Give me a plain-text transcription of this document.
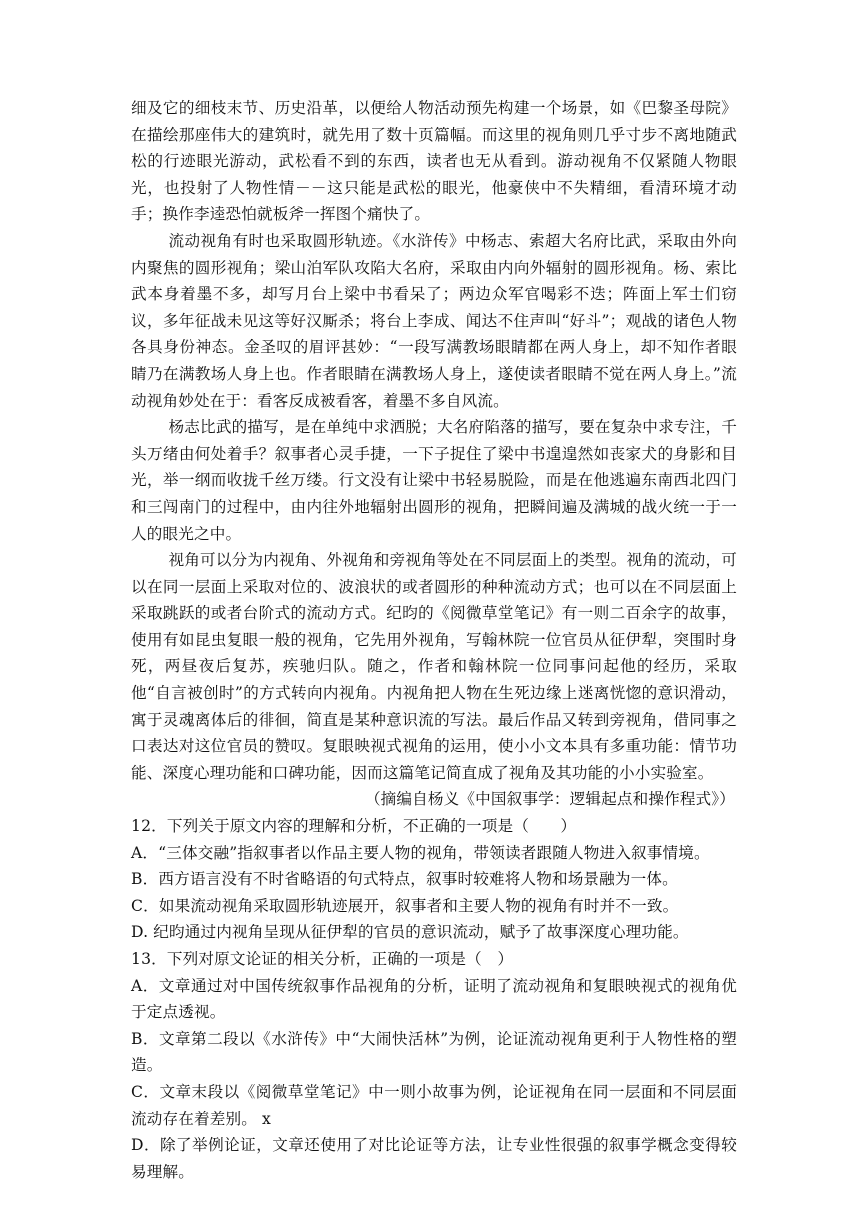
细及它的细枝末节、历史沿革，以便给人物活动预先构建一个场景，如《巴黎圣母院》在描绘那座伟大的建筑时，就先用了数十页篇幅。而这里的视角则几乎寸步不离地随武松的行迹眼光游动，武松看不到的东西，读者也无从看到。游动视角不仅紧随人物眼光，也投射了人物性情－－这只能是武松的眼光，他豪侠中不失精细，看清环境才动手；换作李逵恐怕就板斧一挥图个痛快了。

流动视角有时也采取圆形轨迹。《水浒传》中杨志、索超大名府比武，采取由外向内聚焦的圆形视角；梁山泊军队攻陷大名府，采取由内向外辐射的圆形视角。杨、索比武本身着墨不多，却写月台上梁中书看呆了；两边众军官喝彩不迭；阵面上军士们窃议，多年征战未见这等好汉厮杀；将台上李成、闻达不住声叫“好斗”；观战的诸色人物各具身份神态。金圣叹的眉评甚妙：“一段写满教场眼睛都在两人身上，却不知作者眼睛乃在满教场人身上也。作者眼睛在满教场人身上，遂使读者眼睛不觉在两人身上。”流动视角妙处在于：看客反成被看客，着墨不多自风流。

杨志比武的描写，是在单纯中求洒脱；大名府陷落的描写，要在复杂中求专注，千头万绪由何处着手？叙事者心灵手捷，一下子捉住了梁中书遑遑然如丧家犬的身影和目光，举一纲而收拢千丝万缕。行文没有让梁中书轻易脱险，而是在他逃遍东南西北四门和三闯南门的过程中，由内往外地辐射出圆形的视角，把瞬间遍及满城的战火统一于一人的眼光之中。

视角可以分为内视角、外视角和旁视角等处在不同层面上的类型。视角的流动，可以在同一层面上采取对位的、波浪状的或者圆形的种种流动方式；也可以在不同层面上采取跳跃的或者台阶式的流动方式。纪昀的《阅微草堂笔记》有一则二百余字的故事，使用有如昆虫复眼一般的视角，它先用外视角，写翰林院一位官员从征伊犁，突围时身死，两昼夜后复苏，疾驰归队。随之，作者和翰林院一位同事问起他的经历，采取他“自言被创时”的方式转向内视角。内视角把人物在生死边缘上迷离恍惚的意识滑动，寓于灵魂离体后的徘徊，简直是某种意识流的写法。最后作品又转到旁视角，借同事之口表达对这位官员的赞叹。复眼映视式视角的运用，使小小文本具有多重功能：情节功能、深度心理功能和口碑功能，因而这篇笔记简直成了视角及其功能的小小实验室。

（摘编自杨义《中国叙事学：逻辑起点和操作程式》）

12．下列关于原文内容的理解和分析，不正确的一项是（　　）

A．“三体交融”指叙事者以作品主要人物的视角，带领读者跟随人物进入叙事情境。

B．西方语言没有不时省略语的句式特点，叙事时较难将人物和场景融为一体。

C．如果流动视角采取圆形轨迹展开，叙事者和主要人物的视角有时并不一致。

D. 纪昀通过内视角呈现从征伊犁的官员的意识流动，赋予了故事深度心理功能。

13．下列对原文论证的相关分析，正确的一项是（　）

A．文章通过对中国传统叙事作品视角的分析，证明了流动视角和复眼映视式的视角优于定点透视。

B．文章第二段以《水浒传》中“大闹快活林”为例，论证流动视角更利于人物性格的塑造。

C．文章末段以《阅微草堂笔记》中一则小故事为例，论证视角在同一层面和不同层面流动存在着差别。 x

D．除了举例论证，文章还使用了对比论证等方法，让专业性很强的叙事学概念变得较易理解。
